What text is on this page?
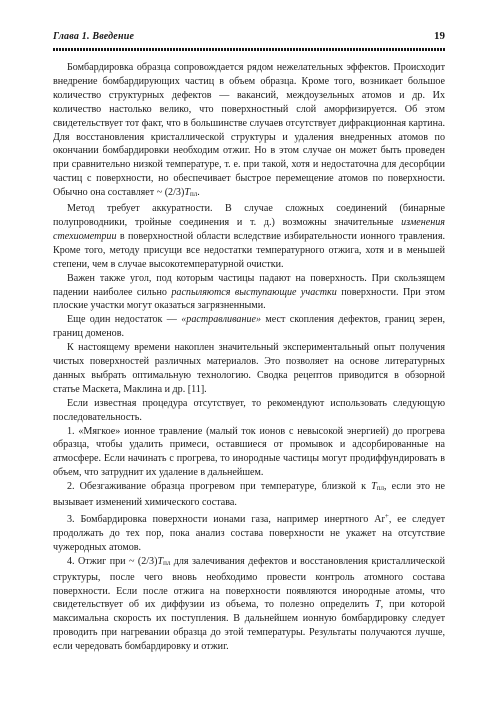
Глава 1. Введение	19

Бомбардировка образца сопровождается рядом нежелательных эффектов. Происходит внедрение бомбардирующих частиц в объем образца. Кроме того, возникает большое количество структурных дефектов — вакансий, междоузельных атомов и др. Их количество настолько велико, что поверхностный слой аморфизируется. Об этом свидетельствует тот факт, что в большинстве случаев отсутствует дифракционная картина. Для восстановления кристаллической структуры и удаления внедренных атомов по окончании бомбардировки необходим отжиг. Но в этом случае он может быть проведен при сравнительно низкой температуре, т. е. при такой, хотя и недостаточна для десорбции частиц с поверхности, но обеспечивает быстрое перемещение атомов по поверхности. Обычно она составляет ~ (2/3)Tпл.

Метод требует аккуратности. В случае сложных соединений (бинарные полупроводники, тройные соединения и т. д.) возможны значительные изменения стехиометрии в поверхностной области вследствие избирательности ионного травления. Кроме того, методу присущи все недостатки температурного отжига, хотя и в меньшей степени, чем в случае высокотемпературной очистки.

Важен также угол, под которым частицы падают на поверхность. При скользящем падении наиболее сильно распыляются выступающие участки поверхности. При этом плоские участки могут оказаться загрязненными.

Еще один недостаток — «растравливание» мест скопления дефектов, границ зерен, границ доменов.

К настоящему времени накоплен значительный экспериментальный опыт получения чистых поверхностей различных материалов. Это позволяет на основе литературных данных выбрать оптимальную технологию. Сводка рецептов приводится в обзорной статье Маскета, Маклина и др. [11].

Если известная процедура отсутствует, то рекомендуют использовать следующую последовательность.

1. «Мягкое» ионное травление (малый ток ионов с невысокой энергией) до прогрева образца, чтобы удалить примеси, оставшиеся от промывок и адсорбированные на атмосфере. Если начинать с прогрева, то инородные частицы могут продиффундировать в объем, что затруднит их удаление в дальнейшем.

2. Обезгаживание образца прогревом при температуре, близкой к Tпл, если это не вызывает изменений химического состава.

3. Бомбардировка поверхности ионами газа, например инертного Ar+, ее следует продолжать до тех пор, пока анализ состава поверхности не укажет на отсутствие чужеродных атомов.

4. Отжиг при ~ (2/3)Tпл для залечивания дефектов и восстановления кристаллической структуры, после чего вновь необходимо провести контроль атомного состава поверхности. Если после отжига на поверхности появляются инородные атомы, что свидетельствует об их диффузии из объема, то полезно определить T, при которой максимальна скорость их поступления. В дальнейшем ионную бомбардировку следует проводить при нагревании образца до этой температуры. Результаты получаются лучше, если чередовать бомбардировку и отжиг.
